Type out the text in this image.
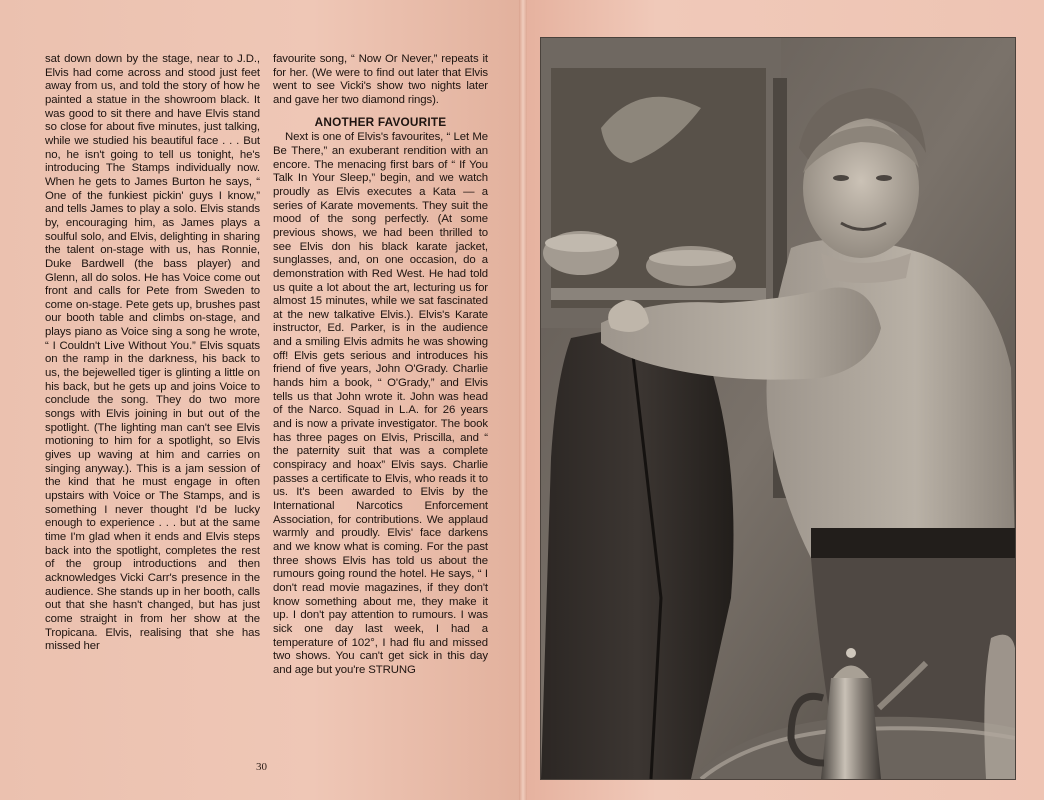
sat down down by the stage, near to J.D., Elvis had come across and stood just feet away from us, and told the story of how he painted a statue in the showroom black. It was good to sit there and have Elvis stand so close for about five minutes, just talking, while we studied his beautiful face . . . But no, he isn't going to tell us tonight, he's introducing The Stamps individually now. When he gets to James Burton he says, “ One of the funkiest pickin' guys I know,” and tells James to play a solo. Elvis stands by, encouraging him, as James plays a soulful solo, and Elvis, delighting in sharing the talent on-stage with us, has Ronnie, Duke Bardwell (the bass player) and Glenn, all do solos. He has Voice come out front and calls for Pete from Sweden to come on-stage. Pete gets up, brushes past our booth table and climbs on-stage, and plays piano as Voice sing a song he wrote, “ I Couldn't Live Without You.” Elvis squats on the ramp in the darkness, his back to us, the bejewelled tiger is glinting a little on his back, but he gets up and joins Voice to conclude the song. They do two more songs with Elvis joining in but out of the spotlight. (The lighting man can't see Elvis motioning to him for a spotlight, so Elvis gives up waving at him and carries on singing anyway.). This is a jam session of the kind that he must engage in often upstairs with Voice or The Stamps, and is something I never thought I'd be lucky enough to experience . . . but at the same time I'm glad when it ends and Elvis steps back into the spotlight, completes the rest of the group introductions and then acknowledges Vicki Carr's presence in the audience. She stands up in her booth, calls out that she hasn't changed, but has just come straight in from her show at the Tropicana. Elvis, realising that she has missed her

favourite song, “ Now Or Never,” repeats it for her. (We were to find out later that Elvis went to see Vicki's show two nights later and gave her two diamond rings).

ANOTHER FAVOURITE

Next is one of Elvis's favourites, “ Let Me Be There,” an exuberant rendition with an encore. The menacing first bars of “ If You Talk In Your Sleep,” begin, and we watch proudly as Elvis executes a Kata — a series of Karate movements. They suit the mood of the song perfectly. (At some previous shows, we had been thrilled to see Elvis don his black karate jacket, sunglasses, and, on one occasion, do a demonstration with Red West. He had told us quite a lot about the art, lecturing us for almost 15 minutes, while we sat fascinated at the new talkative Elvis.). Elvis's Karate instructor, Ed. Parker, is in the audience and a smiling Elvis admits he was showing off! Elvis gets serious and introduces his friend of five years, John O'Grady. Charlie hands him a book, “ O'Grady,” and Elvis tells us that John wrote it. John was head of the Narco. Squad in L.A. for 26 years and is now a private investigator. The book has three pages on Elvis, Priscilla, and “ the paternity suit that was a complete conspiracy and hoax” Elvis says. Charlie passes a certificate to Elvis, who reads it to us. It's been awarded to Elvis by the International Narcotics Enforcement Association, for contributions. We applaud warmly and proudly. Elvis' face darkens and we know what is coming. For the past three shows Elvis has told us about the rumours going round the hotel. He says, “ I don't read movie magazines, if they don't know something about me, they make it up. I don't pay attention to rumours. I was sick one day last week, I had a temperature of 102°, I had flu and missed two shows. You can't get sick in this day and age but you're STRUNG

30
